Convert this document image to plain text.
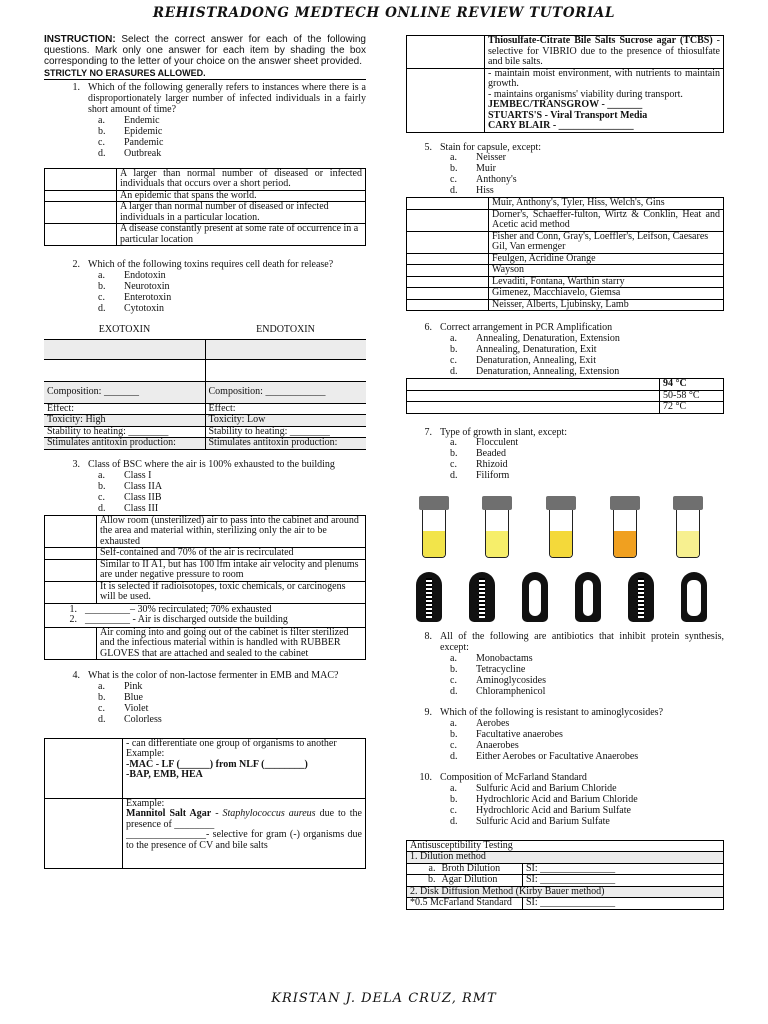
REHISTRADONG MEDTECH ONLINE REVIEW TUTORIAL
INSTRUCTION: Select the correct answer for each of the following questions. Mark only one answer for each item by shading the box corresponding to the letter of your choice on the answer sheet provided.
STRICTLY NO ERASURES ALLOWED.
1. Which of the following generally refers to instances where there is a disproportionately larger number of infected individuals in a fairly short amount of time?
a.	Endemic
b.	Epidemic
c.	Pandemic
d.	Outbreak
	A larger than normal number of diseased or infected individuals that occurs over a short period.
	An epidemic that spans the world.
	A larger than normal number of diseased or infected individuals in a particular location.
	A disease constantly present at some rate of occurrence in a particular location
2. Which of the following toxins requires cell death for release?
a.	Endotoxin
b.	Neurotoxin
c.	Enterotoxin
d.	Cytotoxin
EXOTOXIN	ENDOTOXIN

Composition: _______	Composition: ____________
Effect:	Effect:
Toxicity: High	Toxicity: Low
Stability to heating: ________	Stability to heating: ________
Stimulates antitoxin production:	Stimulates antitoxin production:
3. Class of BSC where the air is 100% exhausted to the building
a.	Class I
b.	Class IIA
c.	Class IIB
d.	Class III
	Allow room (unsterilized) air to pass into the cabinet and around the area and material within, sterilizing only the air to be exhausted
	Self-contained and 70% of the air is recirculated
	Similar to II A1, but has 100 lfm intake air velocity and plenums are under negative pressure to room
	It is selected if radioisotopes, toxic chemicals, or carcinogens will be used.

1. _________– 30% recirculated; 70% exhausted
2. _________ - Air is discharged outside the building	

	Air coming into and going out of the cabinet is filter sterilized and the infectious material within is handled with RUBBER GLOVES that are attached and sealed to the cabinet
4. What is the color of non-lactose fermenter in EMB and MAC?
a.	Pink
b.	Blue
c.	Violet
d.	Colorless

	- can differentiate one group of organisms to another
Example:
-MAC - LF (______) from NLF (________)
-BAP, EMB, HEA

	Example:
Mannitol Salt Agar - Staphylococcus aureus due to the presence of ________
________________- selective for gram (-) organisms due to the presence of CV and bile salts
	Thiosulfate-Citrate Bile Salts Sucrose agar (TCBS) - selective for VIBRIO due to the presence of thiosulfate and bile salts.

	- maintain moist environment, with nutrients to maintain growth.
- maintains organisms' viability during transport.
JEMBEC/TRANSGROW - _______
STUARTS'S - Viral Transport Media
CARY BLAIR - _______________
5. Stain for capsule, except:
a.	Neisser
b.	Muir
c.	Anthony's
d.	Hiss
	Muir, Anthony's, Tyler, Hiss, Welch's, Gins
	Dorner's, Schaeffer-fulton, Wirtz & Conklin, Heat and Acetic acid method
	Fisher and Conn, Gray's, Loeffler's, Leifson, Caesares Gil, Van ermenger
	Feulgen, Acridine Orange
	Wayson
	Levaditi, Fontana, Warthin starry
	Gimenez, Macchiavelo, Giemsa
	Neisser, Alberts, Ljubinsky, Lamb
6. Correct arrangement in PCR Amplification
a.	Annealing, Denaturation, Extension
b.	Annealing, Denaturation, Exit
c.	Denaturation, Annealing, Exit
d.	Denaturation, Annealing, Extension
	94 °C
	50-58 °C
	72 °C
7. Type of growth in slant, except:
a.	Flocculent
b.	Beaded
c.	Rhizoid
d.	Filiform
8. All of the following are antibiotics that inhibit protein synthesis, except:
a.	Monobactams
b.	Tetracycline
c.	Aminoglycosides
d.	Chloramphenicol
9. Which of the following is resistant to aminoglycosides?
a.	Aerobes
b.	Facultative anaerobes
c.	Anaerobes
d.	Either Aerobes or Facultative Anaerobes
10. Composition of McFarland Standard
a.	Sulfuric Acid and Barium Chloride
b.	Hydrochloric Acid and Barium Chloride
c.	Hydrochloric Acid and Barium Sulfate
d.	Sulfuric Acid and Barium Sulfate
Antisusceptibility Testing		
1. Dilution method		
a.	Broth Dilution	SI: _______________
b.	Agar Dilution	SI: _______________
2. Disk Diffusion Method (Kirby Bauer method)		
*0.5 McFarland Standard		SI: _______________
KRISTAN J. DELA CRUZ, RMT
